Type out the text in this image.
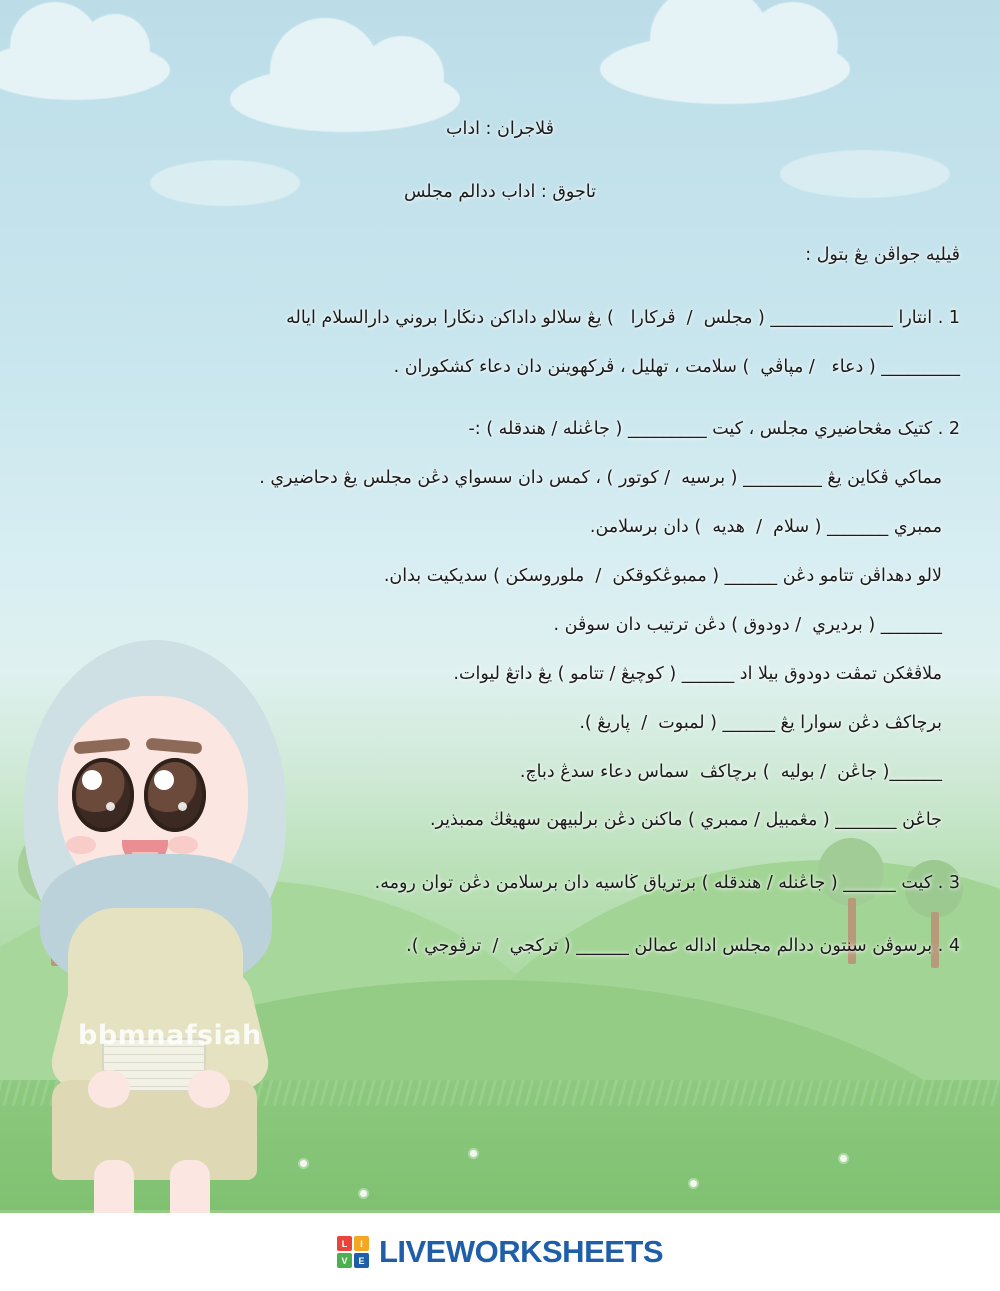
bbmnafsiah

ڤلاجران : اداب

تاجوق : اداب ددالم مجلس

ڤيليه جواڤن يڠ بتول :

1 . انتارا ______________ ( مجلس  /  ڤركارا   ) يڠ سلالو داداكن دنڬارا بروني دارالسلام اياله

_________ ( دعاء   / مڽاڤي  ) سلامت ، تهليل ، ڤركهوينن دان دعاء كشكوران .

2 . كتيک مڠحاضيري مجلس ، كيت _________ ( جاڠنله / هندقله ) :-

مماكي ڤكاين يڠ _________ ( برسيه  / كوتور ) ، كمس دان سسواي دڠن مجلس يڠ دحاضيري .

ممبري _______ ( سلام  /  هديه  ) دان برسلامن.

لالو دهداڤن تتامو دڠن ______ ( ممبوڠكوقكن  /  ملوروسكن ) سديكيت بدان.

_______ ( برديري  / دودوق ) دڠن ترتيب دان سوڤن .

ملاڤڠكن تمڤت دودوق بيلا اد ______ ( كوچيڠ / تتامو ) يڠ داتڠ ليوات.

برچاكڤ دڠن سوارا يڠ ______ ( لمبوت  /  ڽاريڠ ).

______( جاڠن  / بوليه  ) برچاكڤ  سماس دعاء سدڠ دباچ.

جاڠن _______ ( مڠمبيل / ممبري ) ماكنن دڠن برلبيهن سهيڠڬ ممبذير.

3 . كيت ______ ( جاڠنله / هندقله ) برترياق ڬاسيه دان برسلامن دڠن توان رومه.

4 . برسوڤن سنتون ددالم مجلس اداله عمالن ______ ( تركجي  /  ترڤوجي ).

L	I
V	E LIVEWORKSHEETS
